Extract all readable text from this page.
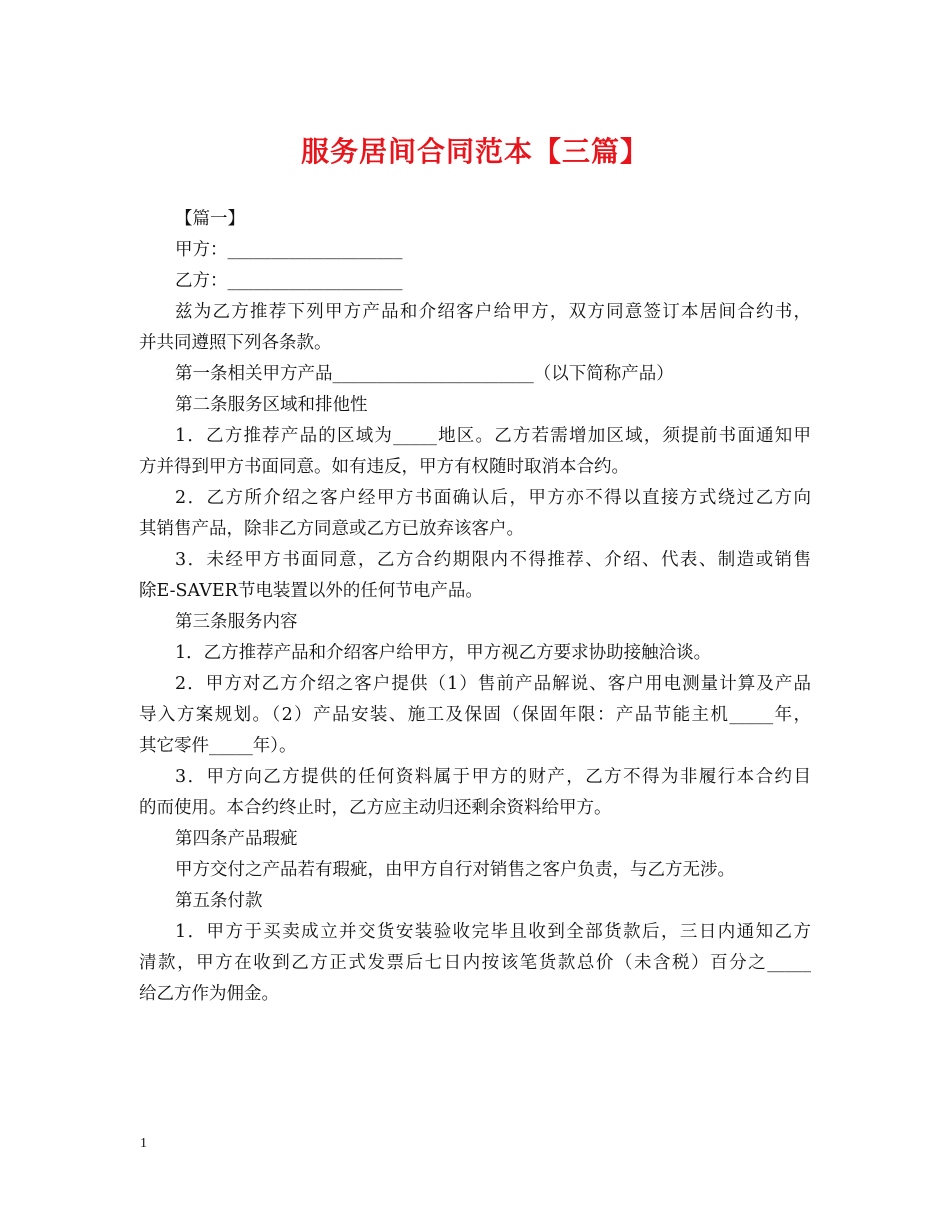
服务居间合同范本【三篇】
【篇一】
甲方：____________________
乙方：____________________
兹为乙方推荐下列甲方产品和介绍客户给甲方，双方同意签订本居间合约书，
并共同遵照下列各条款。
第一条相关甲方产品_______________________（以下简称产品）
第二条服务区域和排他性
1．乙方推荐产品的区域为_____地区。乙方若需增加区域，须提前书面通知甲
方并得到甲方书面同意。如有违反，甲方有权随时取消本合约。
2．乙方所介绍之客户经甲方书面确认后，甲方亦不得以直接方式绕过乙方向
其销售产品，除非乙方同意或乙方已放弃该客户。
3．未经甲方书面同意，乙方合约期限内不得推荐、介绍、代表、制造或销售
除E-SAVER节电装置以外的任何节电产品。
第三条服务内容
1．乙方推荐产品和介绍客户给甲方，甲方视乙方要求协助接触洽谈。
2．甲方对乙方介绍之客户提供（1）售前产品解说、客户用电测量计算及产品
导入方案规划。（2）产品安装、施工及保固（保固年限：产品节能主机_____年，
其它零件_____年）。
3．甲方向乙方提供的任何资料属于甲方的财产，乙方不得为非履行本合约目
的而使用。本合约终止时，乙方应主动归还剩余资料给甲方。
第四条产品瑕疵
甲方交付之产品若有瑕疵，由甲方自行对销售之客户负责，与乙方无涉。
第五条付款
1．甲方于买卖成立并交货安装验收完毕且收到全部货款后，三日内通知乙方
清款，甲方在收到乙方正式发票后七日内按该笔货款总价（未含税）百分之_____
给乙方作为佣金。
1
